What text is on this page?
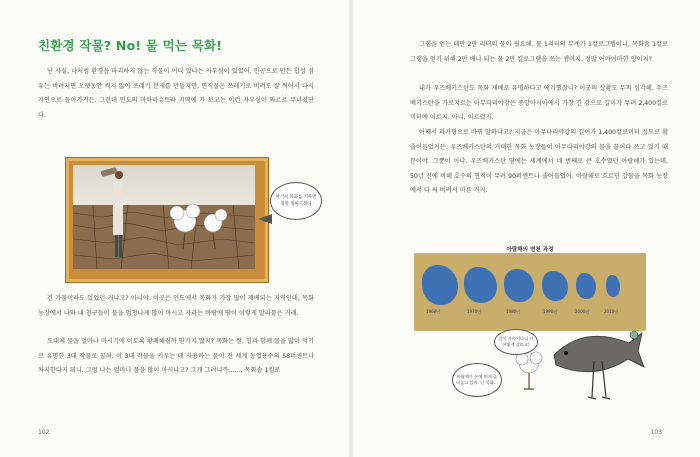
친환경 작물? No! 물 먹는 목화!

난 사실, 나처럼 환경을 파괴하지 않는 작물이 어디 있냐는 자부심이 있었어. 인공으로 만든 합성 섬유는 버려지면 오랫동안 썩지 않아 쓰레기 문제를 만들지만, 면직물은 쓰레기로 버려도 잘 썩어서 다시 자연으로 돌아가거든. 그런데 인도의 마하라슈트라 지역에 가 보고는 이런 자부심이 와르르 무너졌단다.

여기서 목화를 키우면 정말 목마르겠다

건 가뭄이라도 있었던 거냐고? 아니야. 이곳은 인도에서 목화가 가장 많이 재배되는 지역인데, 목화 농장에서 나와 내 친구들이 물을 엄청나게 많이 마시고 자라는 바람에 땅이 이렇게 말라붙은 거래.

도대체 물을 얼마나 마시기에 이토록 황폐해질까 믿기지 않지? 목화는 쌀, 밀과 함께 물을 많이 먹기로 유명한 3대 작물로 꼽혀. 이 3대 작물을 키우는 데 사용하는 물이 전 세계 농업용수의 58퍼센트나 차지한다지 뭐니. 그럼 나는 얼마나 물을 많이 마시냐고? 그게 그러니까……, 목화솜 1킬로

102

그램을 얻는 데만 2만 리터의 물이 필요해. 물 1리터의 무게가 1킬로그램이니, 목화솜 1킬로그램을 얻기 위해 2만 배나 되는 물 2만 킬로그램을 쓰는 셈이지. 정말 어마어마한 양이지?

내가 우즈베키스탄도 목화 재배로 유명하다고 얘기했잖니? 이곳의 상황도 무척 심각해. 우즈베키스탄을 가로지르는 아무다리야강은 중앙아시아에서 가장 긴 강으로 길이가 무려 2,400킬로미터에 이르지. 아니, 이르렀지.

어째서 과거형으로 바뀌 말하냐고? 지금은 아무다리야강의 길이가 1,400킬로미터 정도로 확 줄어들었거든. 우즈베키스탄의 거대한 목화 농장들이 아무다리야강의 물을 끌어다 쓰고 있기 때문이야. 그뿐이 아냐. 우즈베키스탄 옆에는 세계에서 네 번째로 큰 호수였던 아랄해가 있는데, 50년 전에 비해 호수의 면적이 무려 90퍼센트나 줄어들었어. 아랄해로 흐르던 강물을 목화 농장에서 다 써 버려서 마른 거지.

아랄해의 변천 과정
1960년	1970년	1980년	1990년	2000년	2010년
물이 사라지다니 난 어떻게 살라고!
아랄해가 눈에 띄게 줄어들고 있어. 난 목화…
103
